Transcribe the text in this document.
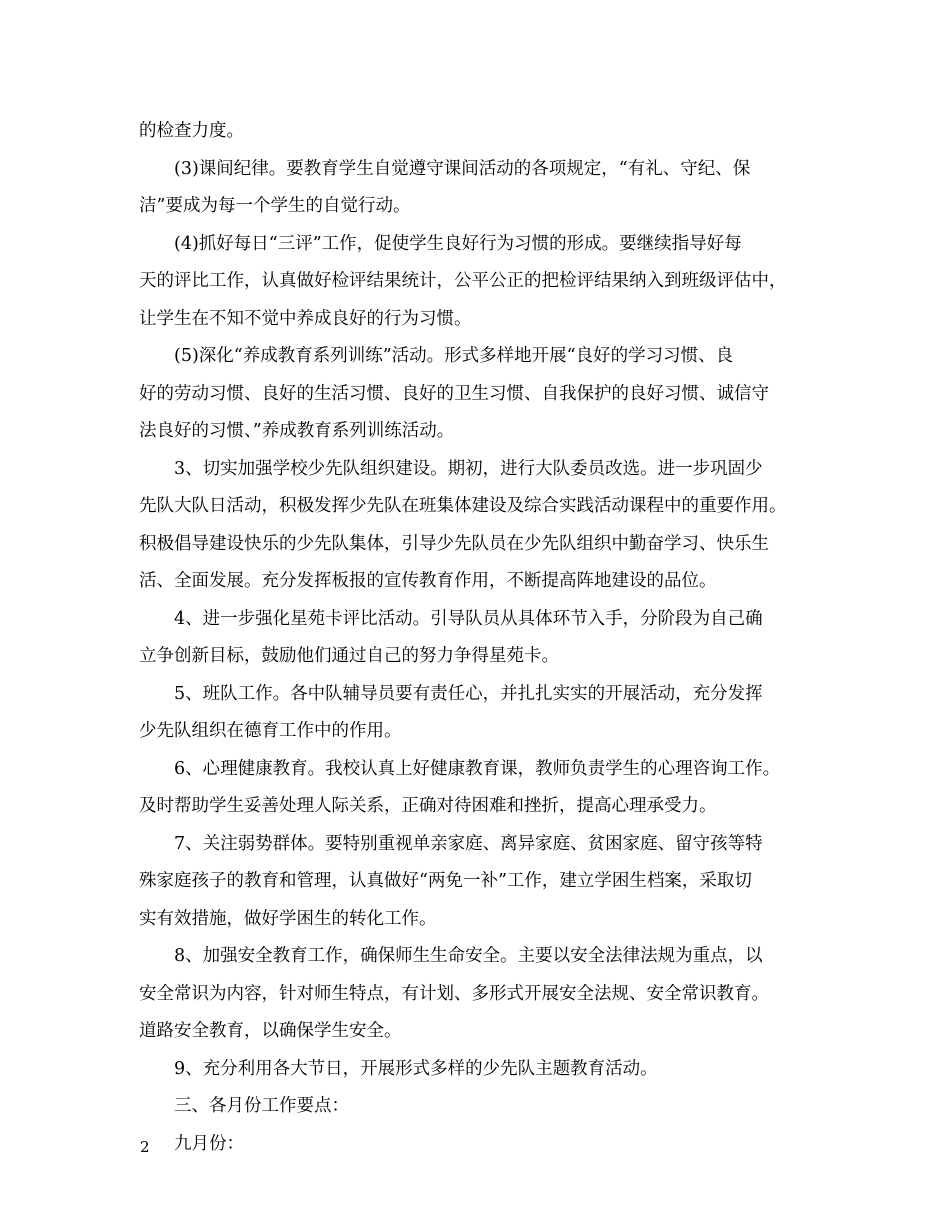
的检查力度。
(3)课间纪律。要教育学生自觉遵守课间活动的各项规定，“有礼、守纪、保
洁”要成为每一个学生的自觉行动。
(4)抓好每日“三评”工作，促使学生良好行为习惯的形成。要继续指导好每
天的评比工作，认真做好检评结果统计，公平公正的把检评结果纳入到班级评估中，
让学生在不知不觉中养成良好的行为习惯。
(5)深化“养成教育系列训练”活动。形式多样地开展“良好的学习习惯、良
好的劳动习惯、良好的生活习惯、良好的卫生习惯、自我保护的良好习惯、诚信守
法良好的习惯、”养成教育系列训练活动。
3、切实加强学校少先队组织建设。期初，进行大队委员改选。进一步巩固少
先队大队日活动，积极发挥少先队在班集体建设及综合实践活动课程中的重要作用。
积极倡导建设快乐的少先队集体，引导少先队员在少先队组织中勤奋学习、快乐生
活、全面发展。充分发挥板报的宣传教育作用，不断提高阵地建设的品位。
4、进一步强化星苑卡评比活动。引导队员从具体环节入手，分阶段为自己确
立争创新目标，鼓励他们通过自己的努力争得星苑卡。
5、班队工作。各中队辅导员要有责任心，并扎扎实实的开展活动，充分发挥
少先队组织在德育工作中的作用。
6、心理健康教育。我校认真上好健康教育课，教师负责学生的心理咨询工作。
及时帮助学生妥善处理人际关系，正确对待困难和挫折，提高心理承受力。
7、关注弱势群体。要特别重视单亲家庭、离异家庭、贫困家庭、留守孩等特
殊家庭孩子的教育和管理，认真做好“两免一补”工作，建立学困生档案，采取切
实有效措施，做好学困生的转化工作。
8、加强安全教育工作，确保师生生命安全。主要以安全法律法规为重点，以
安全常识为内容，针对师生特点，有计划、多形式开展安全法规、安全常识教育。
道路安全教育，以确保学生安全。
9、充分利用各大节日，开展形式多样的少先队主题教育活动。
三、各月份工作要点：
九月份：
2
